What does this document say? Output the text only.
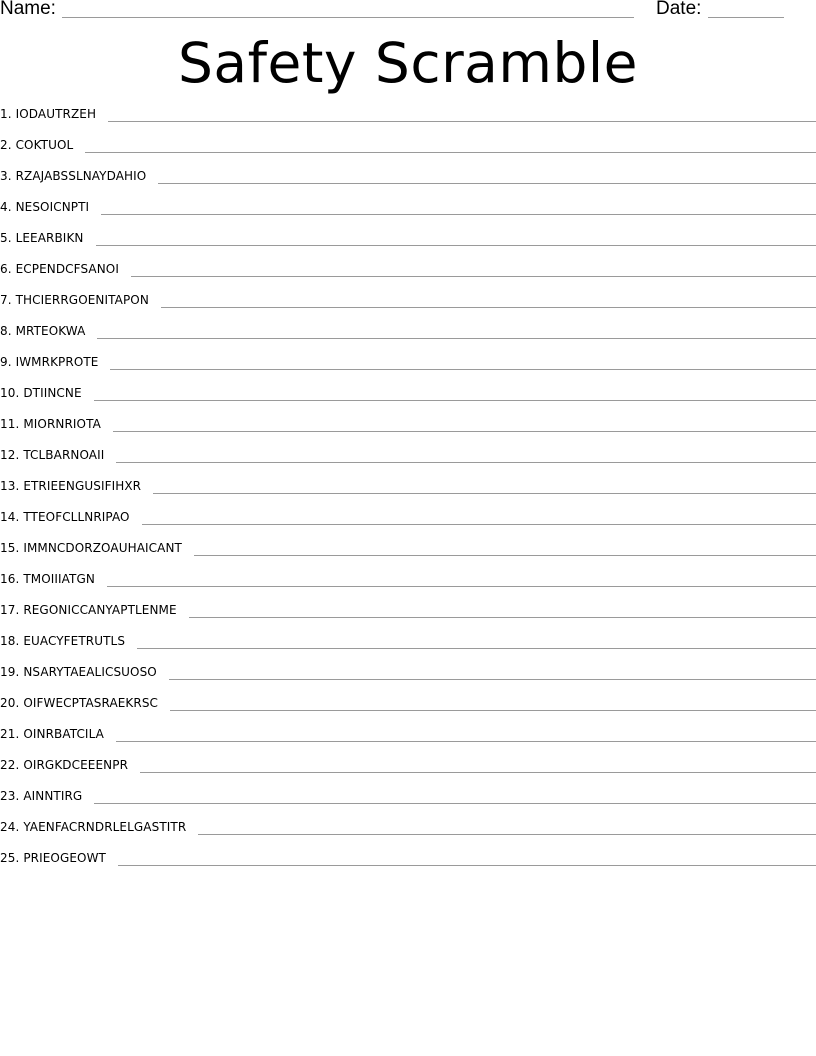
Name:	Date:
Safety Scramble
1.
IODAUTRZEH
2.
COKTUOL
3.
RZAJABSSLNAYDAHIO
4.
NESOICNPTI
5.
LEEARBIKN
6.
ECPENDCFSANOI
7.
THCIERRGOENITAPON
8.
MRTEOKWA
9.
IWMRKPROTE
10.
DTIINCNE
11.
MIORNRIOTA
12.
TCLBARNOAII
13.
ETRIEENGUSIFIHXR
14.
TTEOFCLLNRIPAO
15.
IMMNCDORZOAUHAICANT
16.
TMOIIIATGN
17.
REGONICCANYAPTLENME
18.
EUACYFETRUTLS
19.
NSARYTAEALICSUOSO
20.
OIFWECPTASRAEKRSC
21.
OINRBATCILA
22.
OIRGKDCEEENPR
23.
AINNTIRG
24.
YAENFACRNDRLELGASTITR
25.
PRIEOGEOWT
